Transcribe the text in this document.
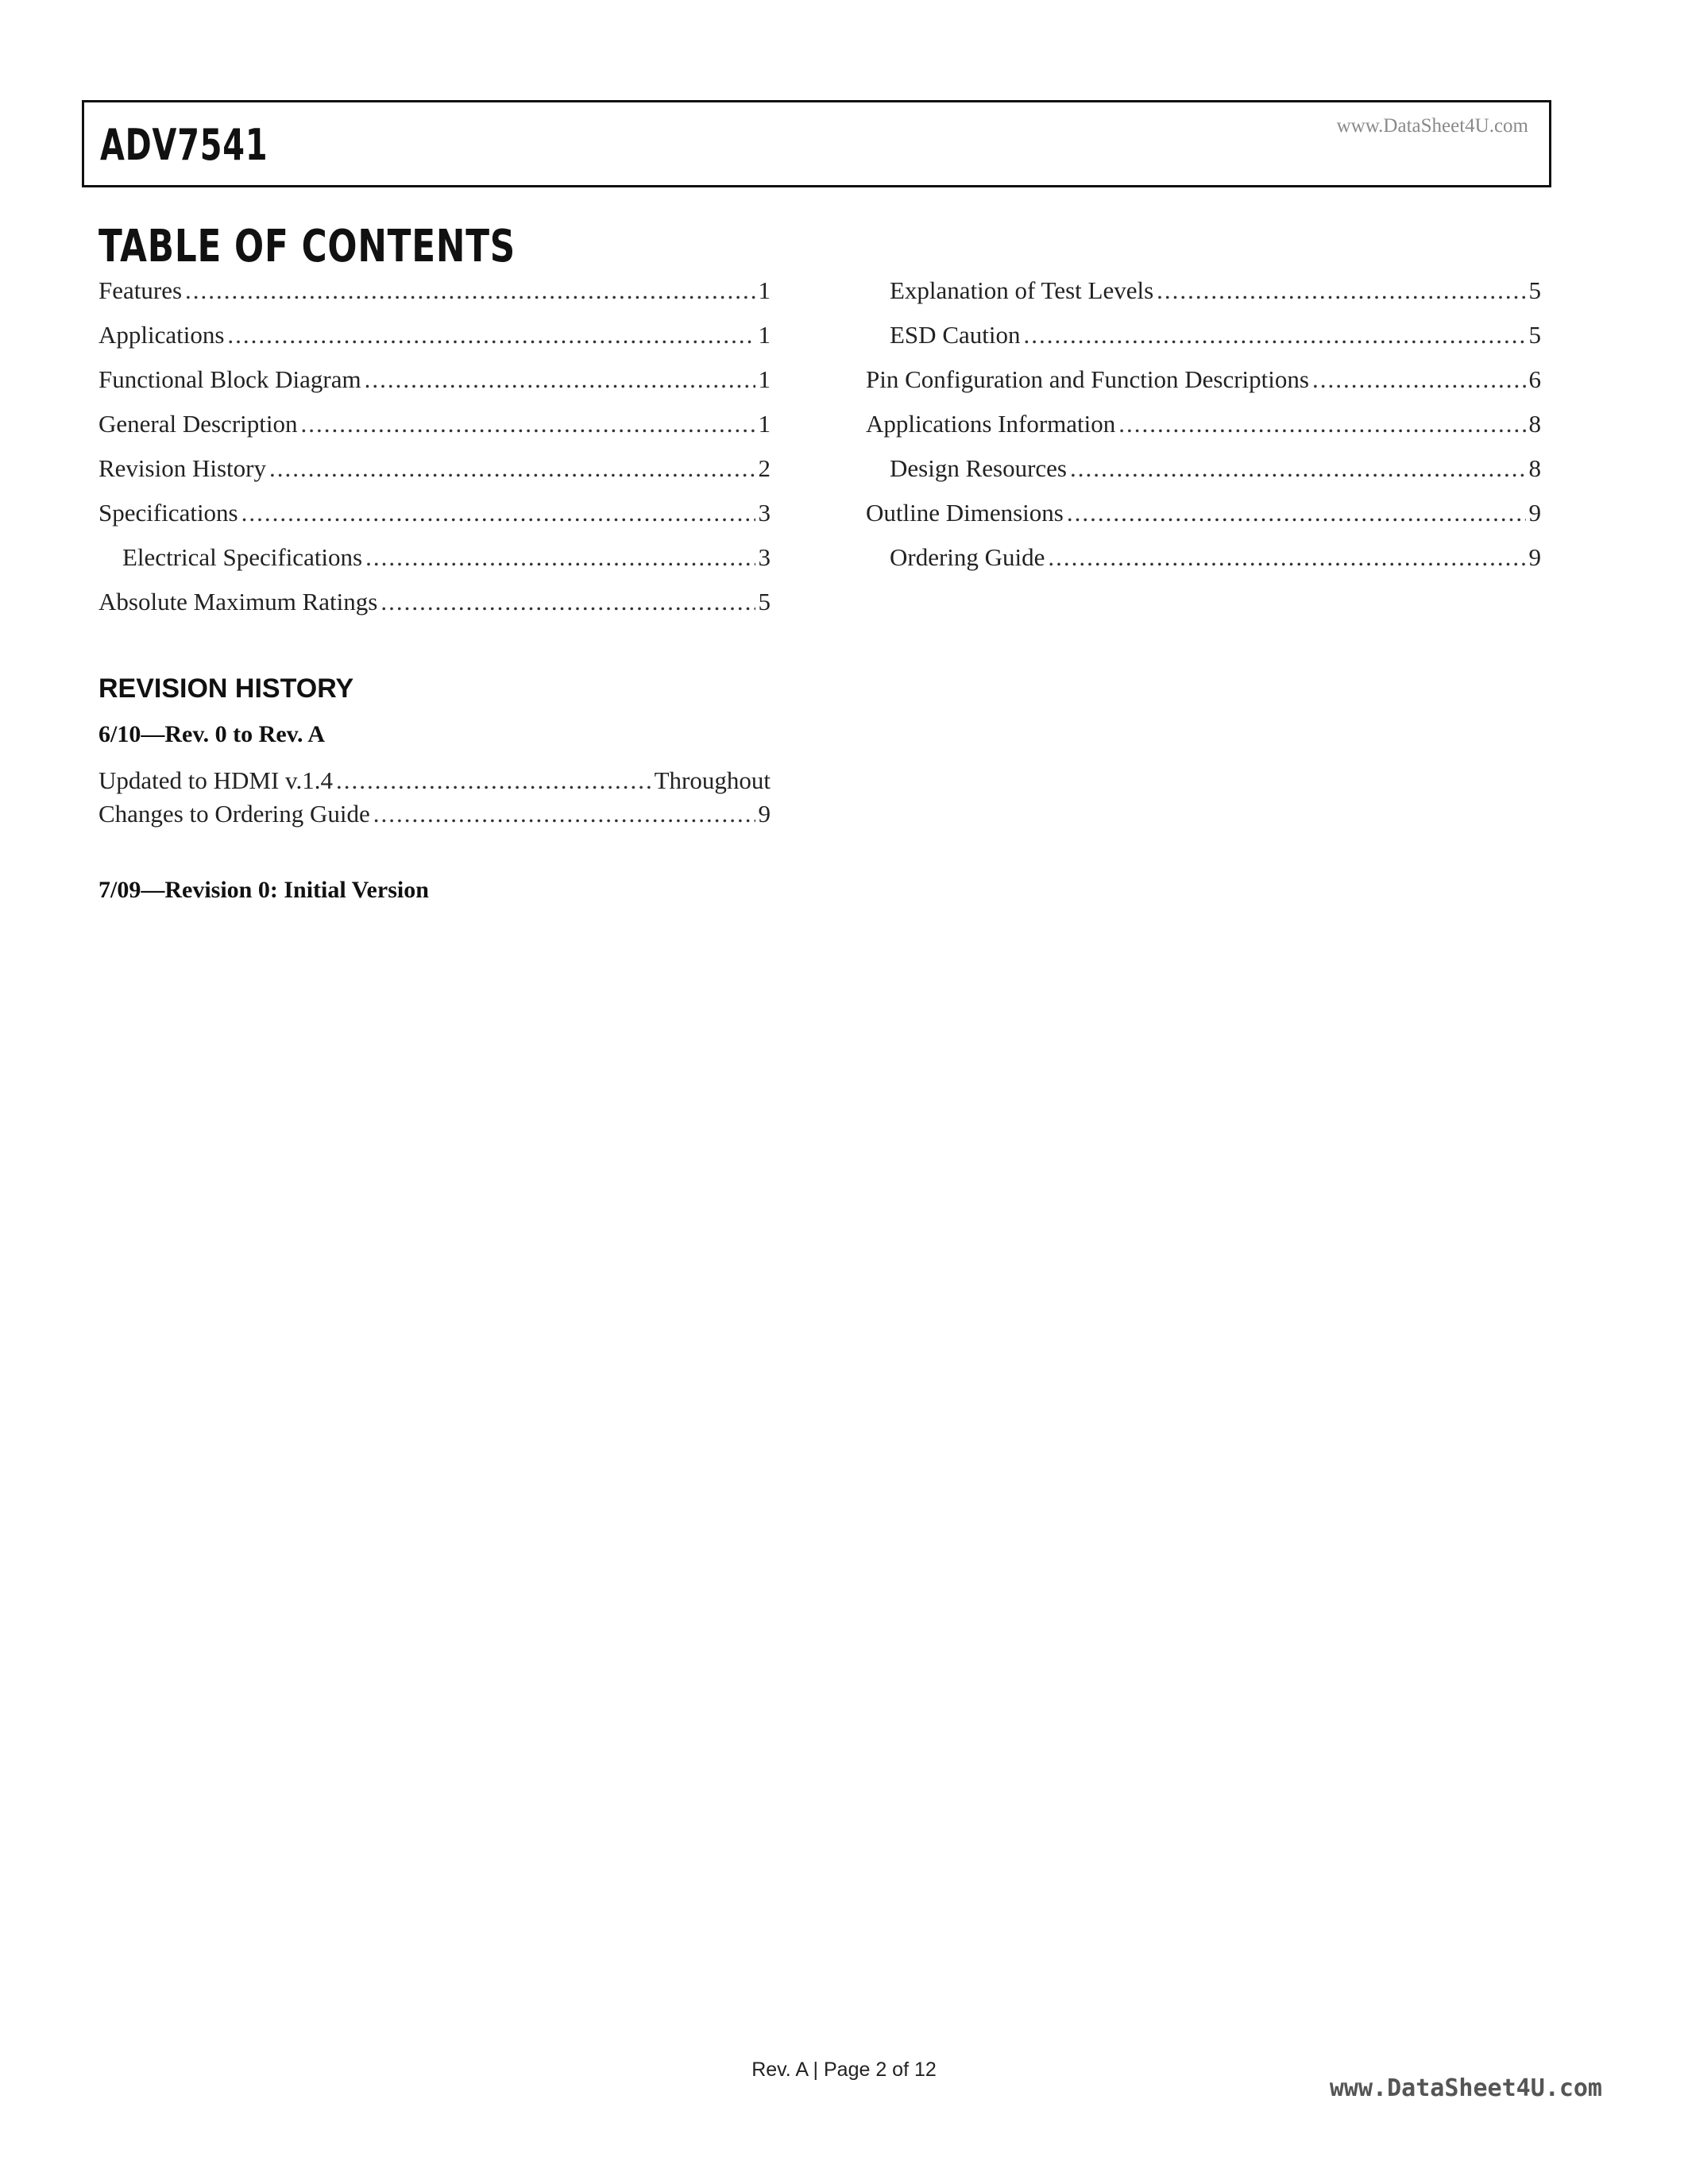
ADV7541	www.DataSheet4U.com
TABLE OF CONTENTS
Features .....	1
Applications .....	1
Functional Block Diagram .....	1
General Description .....	1
Revision History .....	2
Specifications .....	3
Electrical Specifications .....	3
Absolute Maximum Ratings .....	5
Explanation of Test Levels .....	5
ESD Caution .....	5
Pin Configuration and Function Descriptions .....	6
Applications Information .....	8
Design Resources .....	8
Outline Dimensions .....	9
Ordering Guide .....	9
REVISION HISTORY
6/10—Rev. 0 to Rev. A
Updated to HDMI v.1.4 .....	Throughout
Changes to Ordering Guide .....	9
7/09—Revision 0: Initial Version
Rev. A | Page 2 of 12
www.DataSheet4U.com
